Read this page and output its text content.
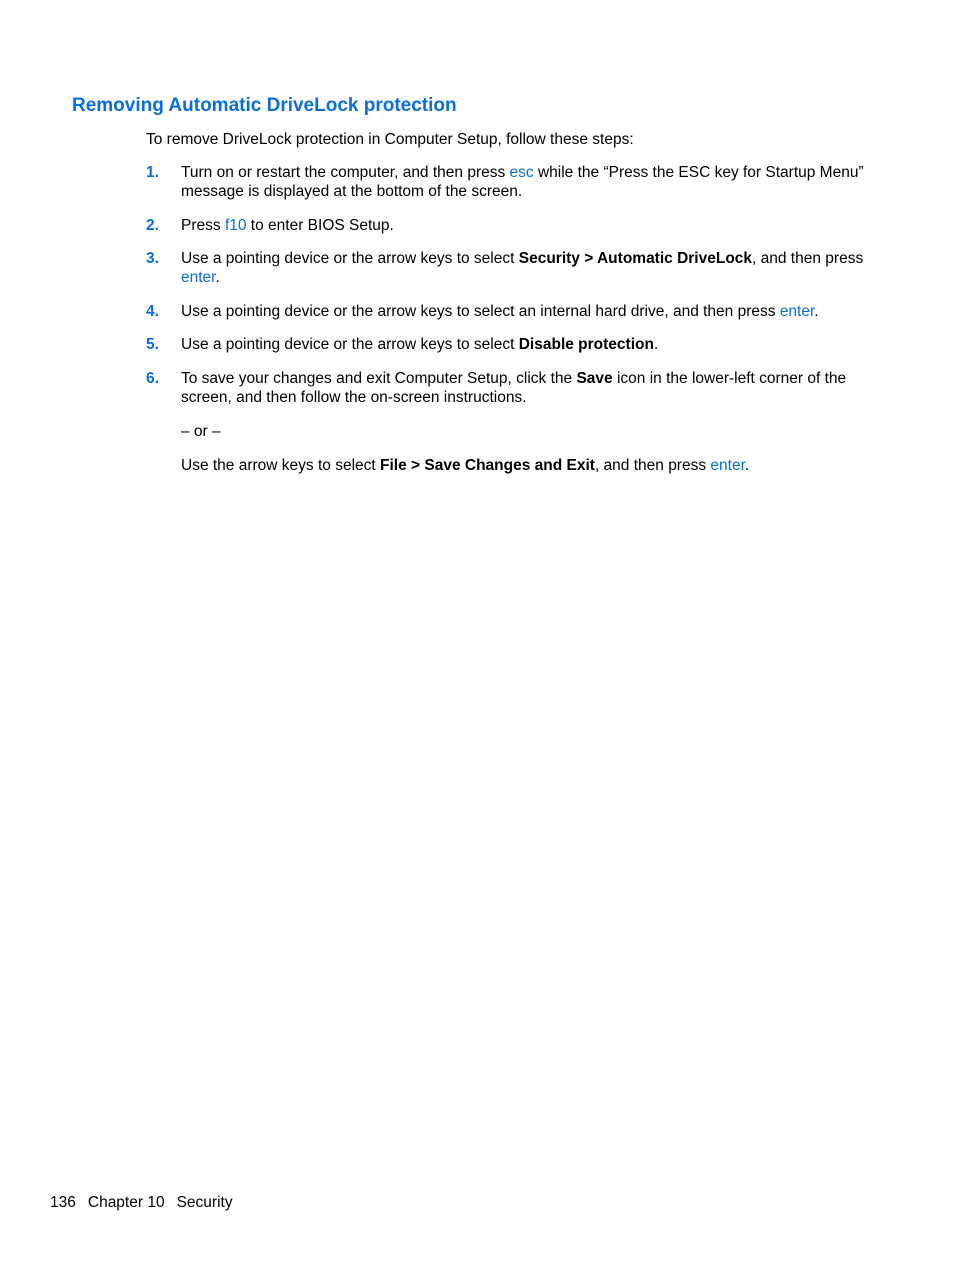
Removing Automatic DriveLock protection

To remove DriveLock protection in Computer Setup, follow these steps:

1. Turn on or restart the computer, and then press esc while the “Press the ESC key for Startup Menu” message is displayed at the bottom of the screen.
2. Press f10 to enter BIOS Setup.
3. Use a pointing device or the arrow keys to select Security > Automatic DriveLock, and then press enter.
4. Use a pointing device or the arrow keys to select an internal hard drive, and then press enter.
5. Use a pointing device or the arrow keys to select Disable protection.
6. To save your changes and exit Computer Setup, click the Save icon in the lower-left corner of the screen, and then follow the on-screen instructions.
– or –
Use the arrow keys to select File > Save Changes and Exit, and then press enter.
136 Chapter 10 Security
